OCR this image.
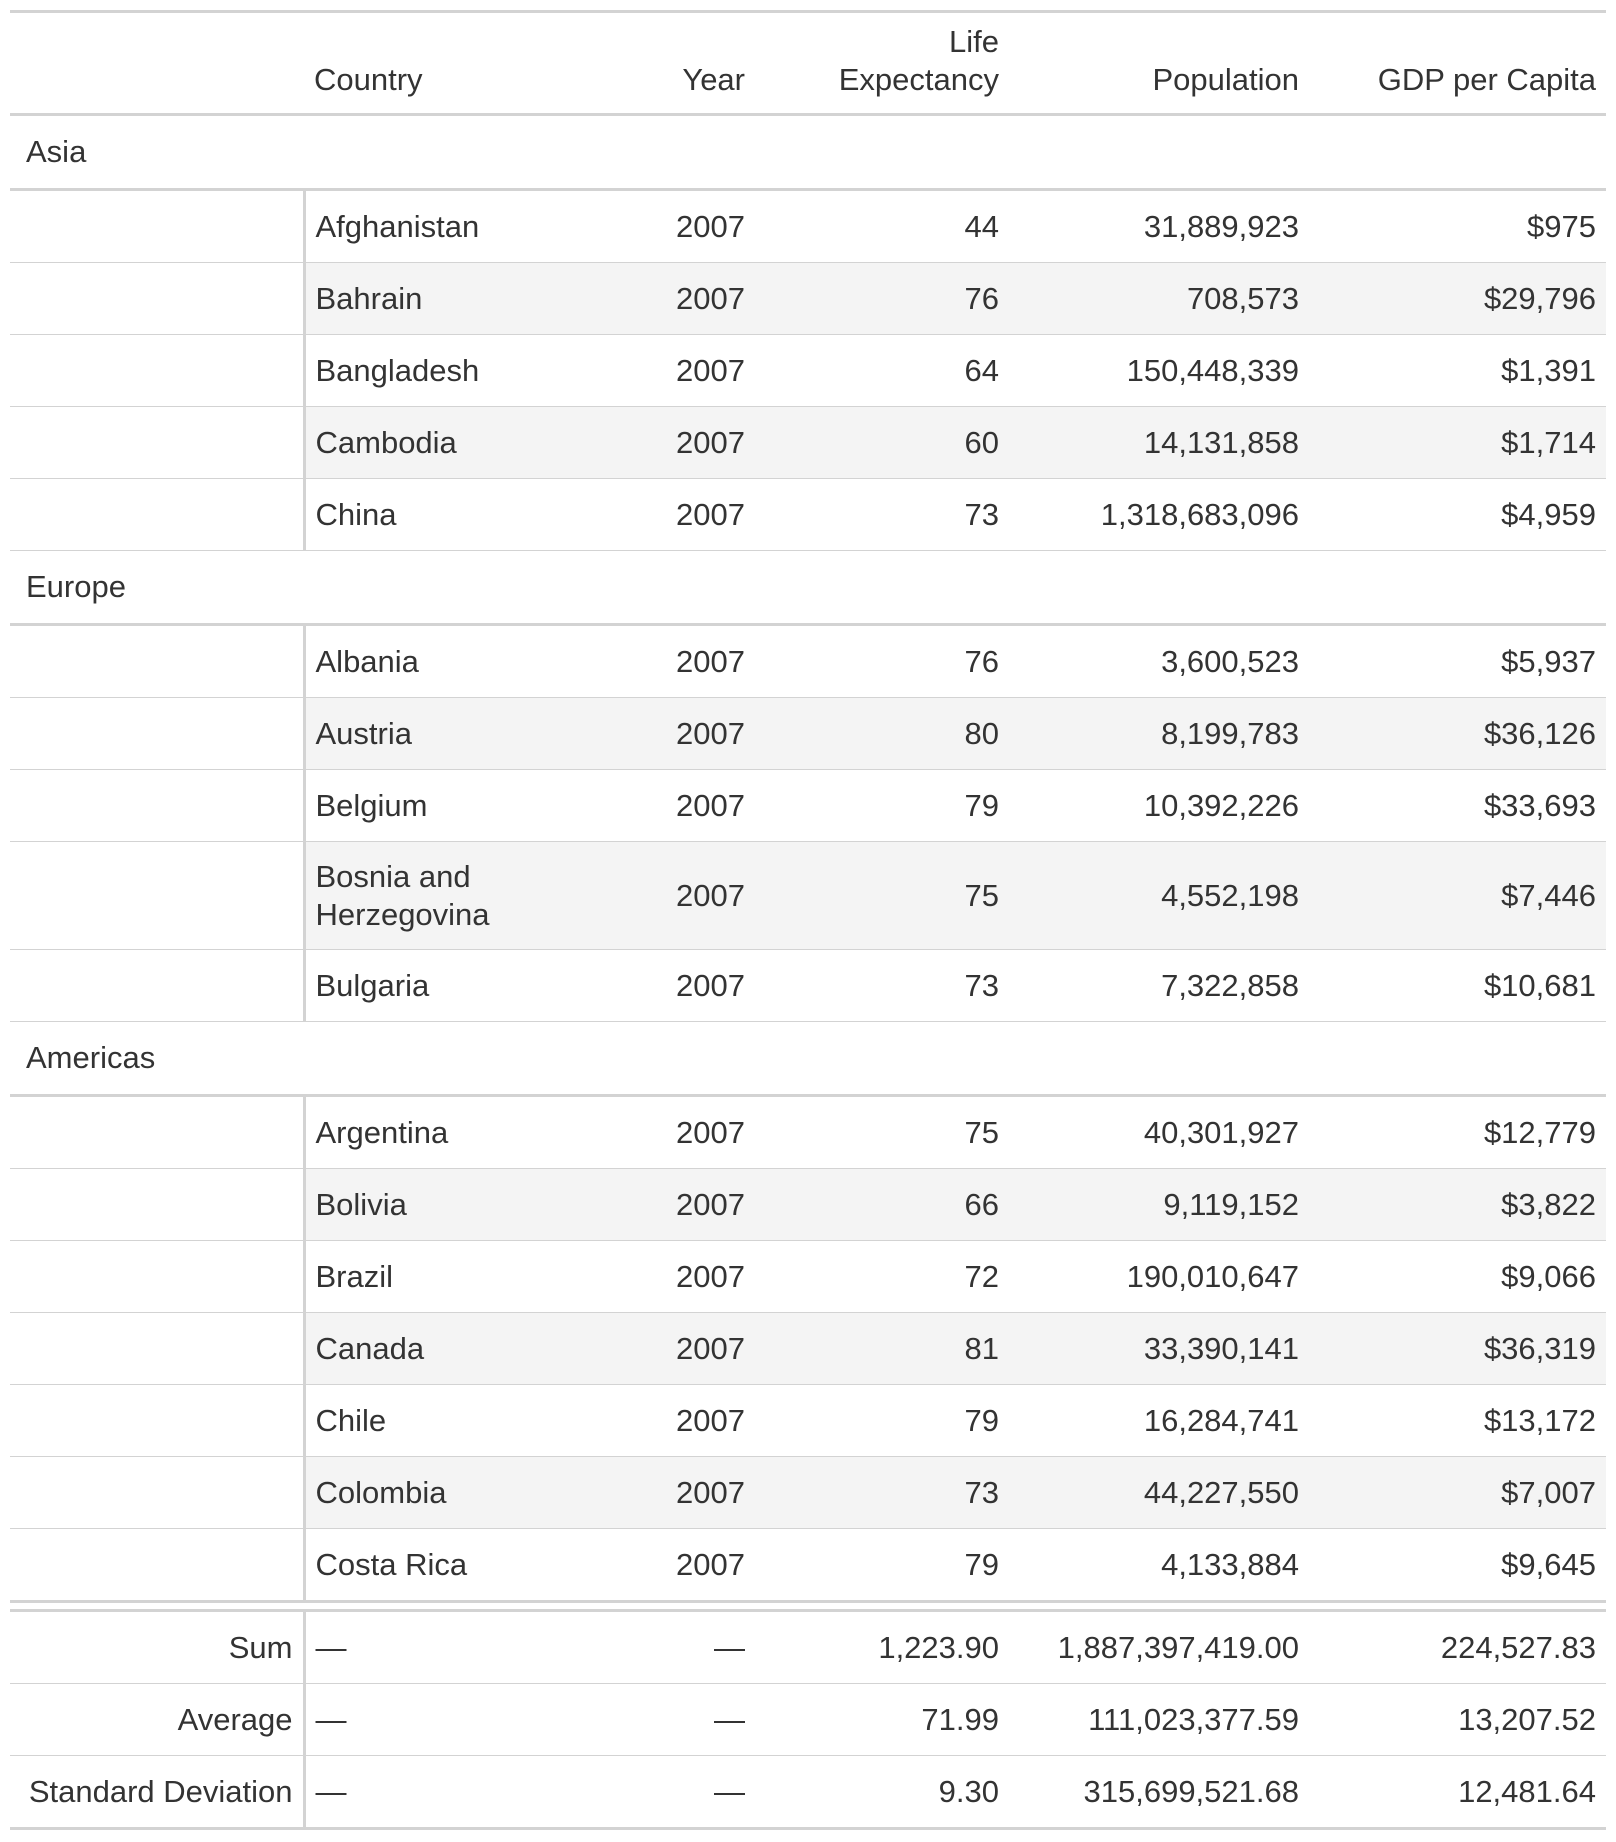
	Country	Year	Life
Expectancy	Population	GDP per Capita
Asia					
	Afghanistan	2007	44	31,889,923	$975
	Bahrain	2007	76	708,573	$29,796
	Bangladesh	2007	64	150,448,339	$1,391
	Cambodia	2007	60	14,131,858	$1,714
	China	2007	73	1,318,683,096	$4,959
Europe					
	Albania	2007	76	3,600,523	$5,937
	Austria	2007	80	8,199,783	$36,126
	Belgium	2007	79	10,392,226	$33,693
	Bosnia and Herzegovina	2007	75	4,552,198	$7,446
	Bulgaria	2007	73	7,322,858	$10,681
Americas					
	Argentina	2007	75	40,301,927	$12,779
	Bolivia	2007	66	9,119,152	$3,822
	Brazil	2007	72	190,010,647	$9,066
	Canada	2007	81	33,390,141	$36,319
	Chile	2007	79	16,284,741	$13,172
	Colombia	2007	73	44,227,550	$7,007
	Costa Rica	2007	79	4,133,884	$9,645

Sum	—	—	1,223.90	1,887,397,419.00	224,527.83
Average	—	—	71.99	111,023,377.59	13,207.52
Standard Deviation	—	—	9.30	315,699,521.68	12,481.64
